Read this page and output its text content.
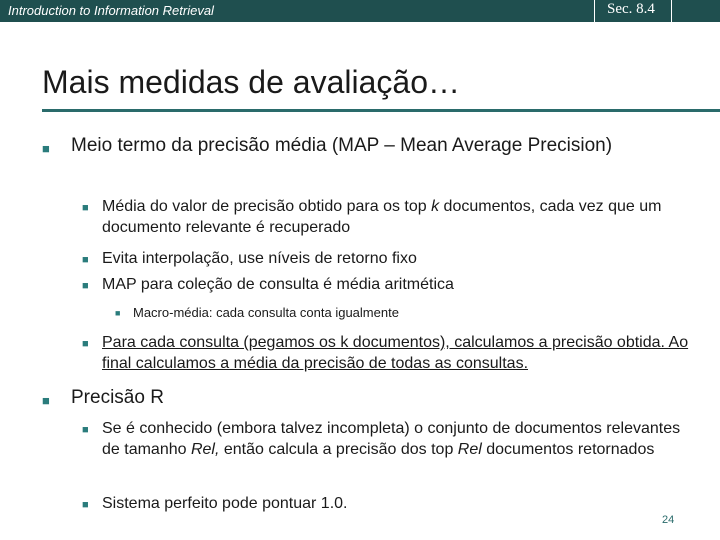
Introduction to Information Retrieval	Sec. 8.4
Mais medidas de avaliação…
■	Meio termo da precisão média (MAP – Mean Average Precision)
■ Média do valor de precisão obtido para os top k documentos, cada vez que um documento relevante é recuperado
■ Evita interpolação, use níveis de retorno fixo
■ MAP para coleção de consulta é média aritmética
■ Macro-média: cada consulta conta igualmente
■ Para cada consulta (pegamos os k documentos), calculamos a precisão obtida. Ao final calculamos a média da precisão de todas as consultas.
■	Precisão R
■ Se é conhecido (embora talvez incompleta) o conjunto de documentos relevantes de tamanho Rel, então calcula a precisão dos top Rel documentos retornados
■ Sistema perfeito pode pontuar 1.0.
24
